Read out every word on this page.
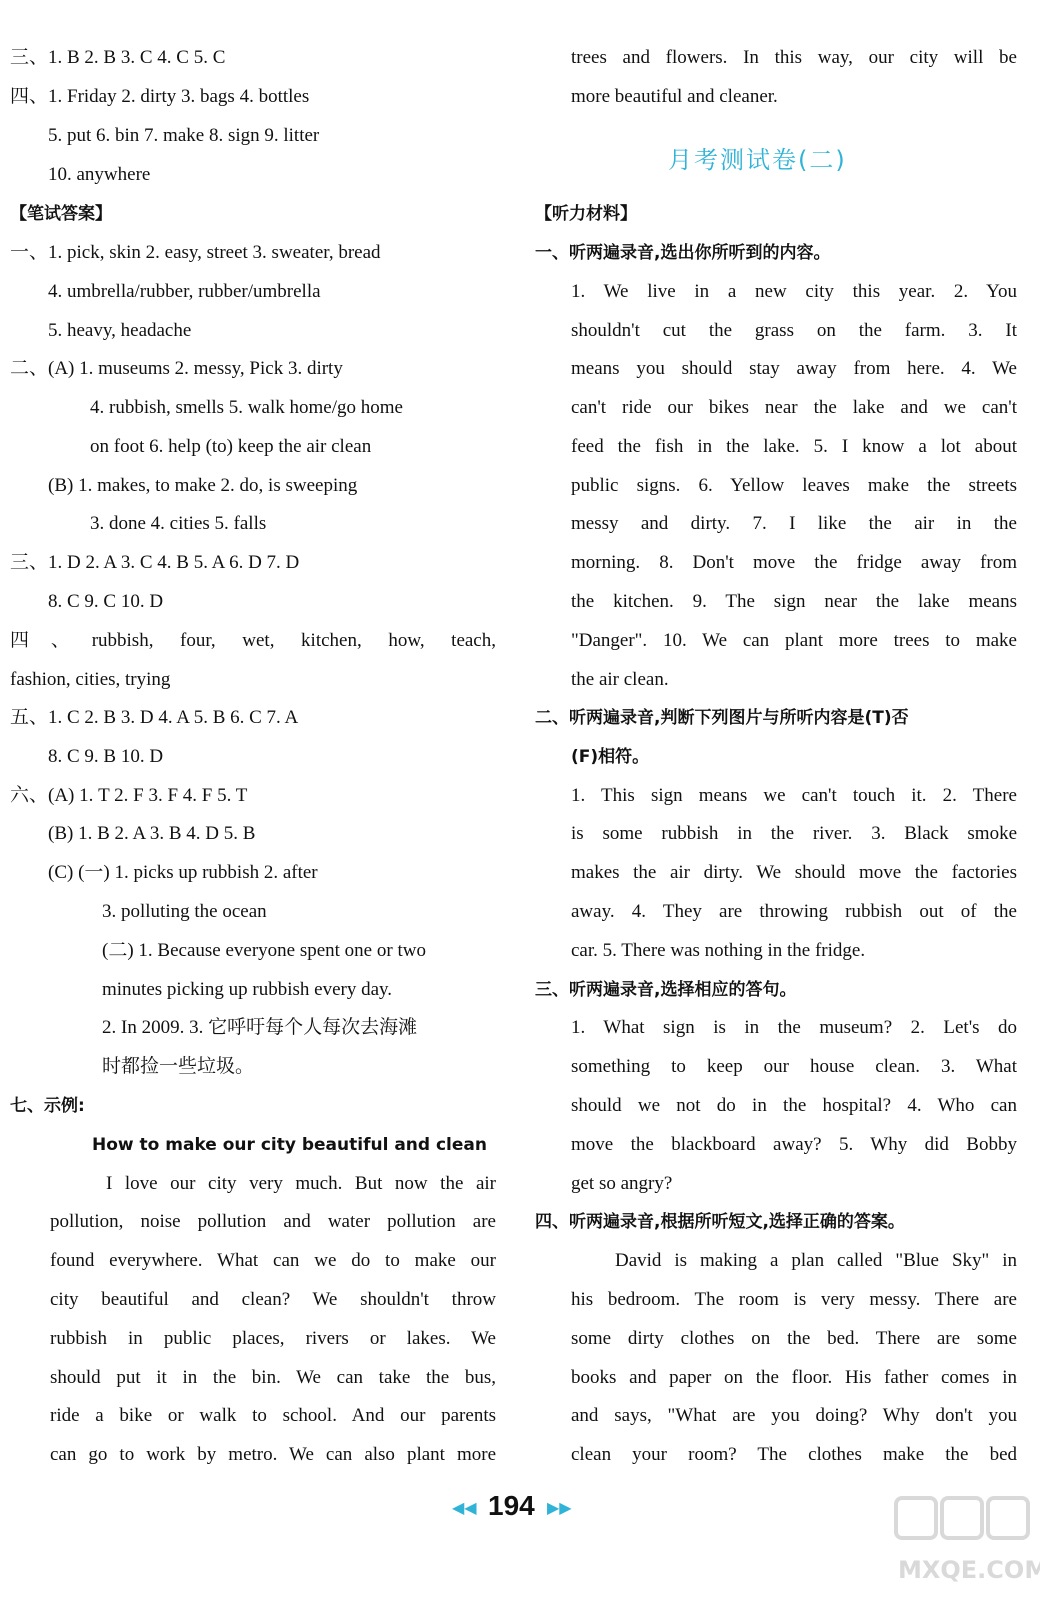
三、1. B 2. B 3. C 4. C 5. C
四、1. Friday 2. dirty 3. bags 4. bottles
5. put 6. bin 7. make 8. sign 9. litter
10. anywhere
【笔试答案】
一、1. pick, skin 2. easy, street 3. sweater, bread
4. umbrella/rubber, rubber/umbrella
5. heavy, headache
二、(A) 1. museums 2. messy, Pick 3. dirty
4. rubbish, smells 5. walk home/go home
on foot 6. help (to) keep the air clean
(B) 1. makes, to make 2. do, is sweeping
3. done 4. cities 5. falls
三、1. D 2. A 3. C 4. B 5. A 6. D 7. D
8. C 9. C 10. D
四、rubbish, four, wet, kitchen, how, teach,
fashion, cities, trying
五、1. C 2. B 3. D 4. A 5. B 6. C 7. A
8. C 9. B 10. D
六、(A) 1. T 2. F 3. F 4. F 5. T
(B) 1. B 2. A 3. B 4. D 5. B
(C) (一) 1. picks up rubbish 2. after
3. polluting the ocean
(二) 1. Because everyone spent one or two
minutes picking up rubbish every day.
2. In 2009. 3. 它呼吁每个人每次去海滩
时都捡一些垃圾。
七、示例:
How to make our city beautiful and clean
I love our city very much. But now the air
pollution, noise pollution and water pollution are
found everywhere. What can we do to make our
city beautiful and clean? We shouldn't throw
rubbish in public places, rivers or lakes. We
should put it in the bin. We can take the bus,
ride a bike or walk to school. And our parents
can go to work by metro. We can also plant more
trees and flowers. In this way, our city will be
more beautiful and cleaner.
月考测试卷(二)
【听力材料】
一、听两遍录音,选出你所听到的内容。
1. We live in a new city this year. 2. You
shouldn't cut the grass on the farm. 3. It
means you should stay away from here. 4. We
can't ride our bikes near the lake and we can't
feed the fish in the lake. 5. I know a lot about
public signs. 6. Yellow leaves make the streets
messy and dirty. 7. I like the air in the
morning. 8. Don't move the fridge away from
the kitchen. 9. The sign near the lake means
"Danger". 10. We can plant more trees to make
the air clean.
二、听两遍录音,判断下列图片与所听内容是(T)否
(F)相符。
1. This sign means we can't touch it. 2. There
is some rubbish in the river. 3. Black smoke
makes the air dirty. We should move the factories
away. 4. They are throwing rubbish out of the
car. 5. There was nothing in the fridge.
三、听两遍录音,选择相应的答句。
1. What sign is in the museum? 2. Let's do
something to keep our house clean. 3. What
should we not do in the hospital? 4. Who can
move the blackboard away? 5. Why did Bobby
get so angry?
四、听两遍录音,根据所听短文,选择正确的答案。
David is making a plan called "Blue Sky" in
his bedroom. The room is very messy. There are
some dirty clothes on the bed. There are some
books and paper on the floor. His father comes in
and says, "What are you doing? Why don't you
clean your room? The clothes make the bed
◀◀ 194 ▶▶
MXQE.COM
